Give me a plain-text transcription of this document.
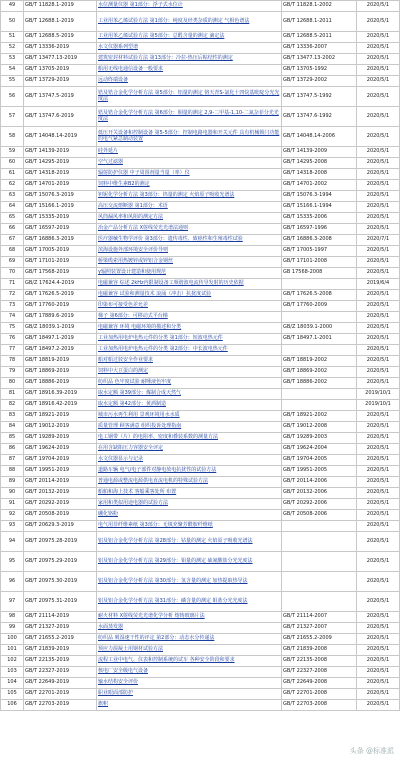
49	GB/T 11828.1-2019	水位测量仪器 第1部分：浮子式水位计	GB/T 11828.1-2002	2020/5/1
50	GB/T 12688.1-2019	工业用苯乙烯试验方法 第1部分：纯度及烃类杂质的测定 气相色谱法	GB/T 12688.1-2011	2020/5/1
51	GB/T 12688.5-2019	工业用苯乙烯试验方法 第5部分：总醛含量的测定 滴定法	GB/T 12688.5-2011	2020/5/1
52	GB/T 13336-2019	水文仪器系列型谱	GB/T 13336-2007	2020/5/1
53	GB/T 13477.13-2019	建筑密封材料试验方法 第13部分：冷拉-热压后粘结性的测定	GB/T 13477.13-2002	2020/5/1
54	GB/T 13705-2019	船用无线电通信设备一般要求	GB/T 13705-1992	2020/5/1
55	GB/T 13729-2019	远动终端设备	GB/T 13729-2002	2020/5/1
56	GB/T 13747.5-2019	锆及锆合金化学分析方法 第5部分：铝量的测定 铬天青S-氯化十四烷基吡啶分光光度法	GB/T 13747.5-1992	2020/5/1
57	GB/T 13747.6-2019	锆及锆合金化学分析方法 第6部分：铜量的测定 2,9-二甲基-1,10-二氮杂菲分光光度法	GB/T 13747.6-1992	2020/5/1
58	GB/T 14048.14-2019	低压开关设备和控制设备 第5-5部分：控制电路电器和开关元件 具有机械锁闩功能的电气紧急制动装置	GB/T 14048.14-2006	2020/5/1
59	GB/T 14139-2019	硅外延片	GB/T 14139-2009	2020/5/1
60	GB/T 14295-2019	空气过滤器	GB/T 14295-2008	2020/5/1
61	GB/T 14318-2019	辐射防护仪器 中子周围剂量当量（率）仪	GB/T 14318-2008	2020/5/1
62	GB/T 14701-2019	饲料中维生素B2的测定	GB/T 14701-2002	2020/5/1
63	GB/T 15076.3-2019	钽铌化学分析方法 第3部分：钨量的测定 火焰原子吸收光谱法	GB/T 15076.3-1994	2020/5/1
64	GB/T 15166.1-2019	高压交流熔断器 第1部分：术语	GB/T 15166.1-1994	2020/5/1
65	GB/T 15335-2019	风筒漏风率和风阻的测定方法	GB/T 15335-2006	2020/5/1
66	GB/T 16597-2019	冶金产品分析方法 X射线荧光光谱法通则	GB/T 16597-1996	2020/5/1
67	GB/T 16886.3-2019	医疗器械生物学评价 第3部分：遗传毒性、致癌性和生殖毒性试验	GB/T 16886.3-2008	2020/7/1
68	GB/T 17005-2019	滨海设施外部环境安全评价导则	GB/T 17005-1997	2020/5/1
69	GB/T 17101-2019	桥梁缆索用热镀锌或锌铝合金钢丝	GB/T 17101-2008	2020/5/1
70	GB/T 17568-2019	γ辐照装置设计建造和使用规范	GB 17568-2008	2020/5/1
71	GB/Z 17624.4-2019	电磁兼容 综述 2kHz内限制设备工频谐波电流传导发射的历史依据		2019/6/4
72	GB/T 17626.5-2019	电磁兼容 试验和测量技术 浪涌（冲击）抗扰度试验	GB/T 17626.5-2008	2020/5/1
73	GB/T 17760-2019	印染布可接受色差允差	GB/T 17760-2009	2020/5/1
74	GB/T 17889.6-2019	梯子 第6部分：可移动式平台梯		2020/5/1
75	GB/Z 18039.1-2019	电磁兼容 环境 电磁环境的描述和分类	GB/Z 18039.1-2000	2020/5/1
76	GB/T 18497.1-2019	工业加热用电炉电热元件的分类 第1部分：短波电热元件	GB/T 18497.1-2001	2020/5/1
77	GB/T 18497.2-2019	工业加热用电炉电热元件的分类 第2部分：中长波电热元件		2020/5/1
78	GB/T 18819-2019	船对船过驳安全作业要求	GB/T 18819-2002	2020/5/1
79	GB/T 18869-2019	饲料中大豆蛋白的测定	GB/T 18869-2002	2020/5/1
80	GB/T 18886-2019	纺织品 色牢度试验 耐唾液色牢度	GB/T 18886-2002	2020/5/1
81	GB/T 18916.39-2019	取水定额 第39部分：煤制合成天然气		2019/10/1
82	GB/T 18916.42-2019	取水定额 第42部分：黄酒制造		2019/10/1
83	GB/T 18921-2019	城市污水再生利用 景观环境用水水质	GB/T 18921-2002	2020/5/1
84	GB/T 19012-2019	质量管理 顾客满意 组织投诉处理指南	GB/T 19012-2008	2020/5/1
85	GB/T 19289-2019	电工钢带（片）的电阻率、密度和叠装系数的测量方法	GB/T 19289-2003	2020/5/1
86	GB/T 19624-2019	在用含缺陷压力容器安全评定	GB/T 19624-2004	2020/5/1
87	GB/T 19704-2019	水文仪器显示与记录	GB/T 19704-2005	2020/5/1
88	GB/T 19951-2019	道路车辆 电气/电子部件对静电放电抗扰性的试验方法	GB/T 19951-2005	2020/5/1
89	GB/T 20114-2019	普通电源或整流电源供电直流电机的特殊试验方法	GB/T 20114-2006	2020/5/1
90	GB/T 20132-2019	船舶和海上技术 客船乘客处所 布置	GB/T 20132-2006	2020/5/1
91	GB/T 20292-2019	家用和类似用途电器的试验方法	GB/T 20292-2006	2020/5/1
92	GB/T 20508-2019	硼化铬粉	GB/T 20508-2006	2020/5/1
93	GB/T 20629.3-2019	电气用非纤维素纸 第3部分：无填充聚芳酰胺纤维纸		2020/5/1
94	GB/T 20975.28-2019	铝及铝合金化学分析方法 第28部分：钴量的测定 火焰原子吸收光谱法		2020/5/1
95	GB/T 20975.29-2019	铝及铝合金化学分析方法 第29部分：钼量的测定 硫氰酸盐分光光度法		2020/5/1
96	GB/T 20975.30-2019	铝及铝合金化学分析方法 第30部分：氢含量的测定 加热提取热导法		2020/5/1
97	GB/T 20975.31-2019	铝及铝合金化学分析方法 第31部分：磷含量的测定 钼蓝分光光度法		2020/5/1
98	GB/T 21114-2019	耐火材料 X射线荧光光谱化学分析 熔铸玻璃片法	GB/T 21114-2007	2020/5/1
99	GB/T 21327-2019	水面蒸发器	GB/T 21327-2007	2020/5/1
100	GB/T 21655.2-2019	纺织品 吸湿速干性的评定 第2部分：动态水分传递法	GB/T 21655.2-2009	2020/5/1
101	GB/T 21839-2019	预应力混凝土用钢材试验方法	GB/T 21839-2008	2020/5/1
102	GB/T 22135-2019	流程工业中电气、仪表和控制系统的试车 各种安全阶段和要求	GB/T 22135-2008	2020/5/1
103	GB/T 22327-2019	核电厂安全级电气设备	GB/T 22327-2008	2020/5/1
104	GB/T 22649-2019	输水结构安全评价	GB/T 22649-2008	2020/5/1
105	GB/T 22701-2019	职业眼面部防护	GB/T 22701-2008	2020/5/1
106	GB/T 22703-2019	旗帜	GB/T 22703-2008	2020/5/1
头条 @标准派
